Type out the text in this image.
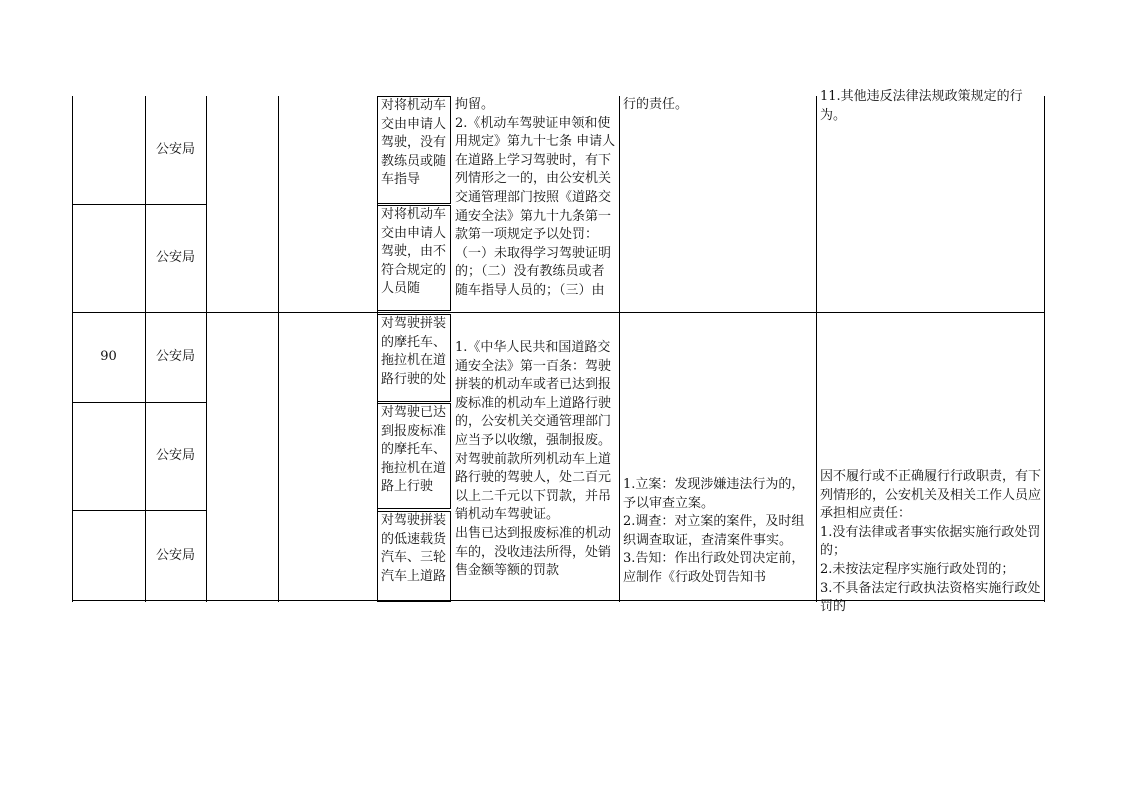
90
公安局
公安局
公安局
公安局
公安局
对将机动车交由申请人驾驶，没有教练员或随车指导
对将机动车交由申请人驾驶，由不符合规定的人员随
对驾驶拼装的摩托车、拖拉机在道路行驶的处
对驾驶已达到报废标准的摩托车、拖拉机在道路上行驶
对驾驶拼装的低速载货汽车、三轮汽车上道路
拘留。
2.《机动车驾驶证申领和使用规定》第九十七条 申请人在道路上学习驾驶时，有下列情形之一的，由公安机关交通管理部门按照《道路交通安全法》第九十九条第一款第一项规定予以处罚：（一）未取得学习驾驶证明的；（二）没有教练员或者随车指导人员的；（三）由
1.《中华人民共和国道路交通安全法》第一百条：驾驶拼装的机动车或者已达到报废标准的机动车上道路行驶的，公安机关交通管理部门应当予以收缴，强制报废。
对驾驶前款所列机动车上道路行驶的驾驶人，处二百元以上二千元以下罚款，并吊销机动车驾驶证。
出售已达到报废标准的机动车的，没收违法所得，处销售金额等额的罚款
行的责任。
1.立案：发现涉嫌违法行为的，予以审查立案。
2.调查：对立案的案件，及时组织调查取证，查清案件事实。
3.告知：作出行政处罚决定前，应制作《行政处罚告知书
11.其他违反法律法规政策规定的行为。
因不履行或不正确履行行政职责，有下列情形的，公安机关及相关工作人员应承担相应责任：
1.没有法律或者事实依据实施行政处罚的；
2.未按法定程序实施行政处罚的；
3.不具备法定行政执法资格实施行政处罚的
